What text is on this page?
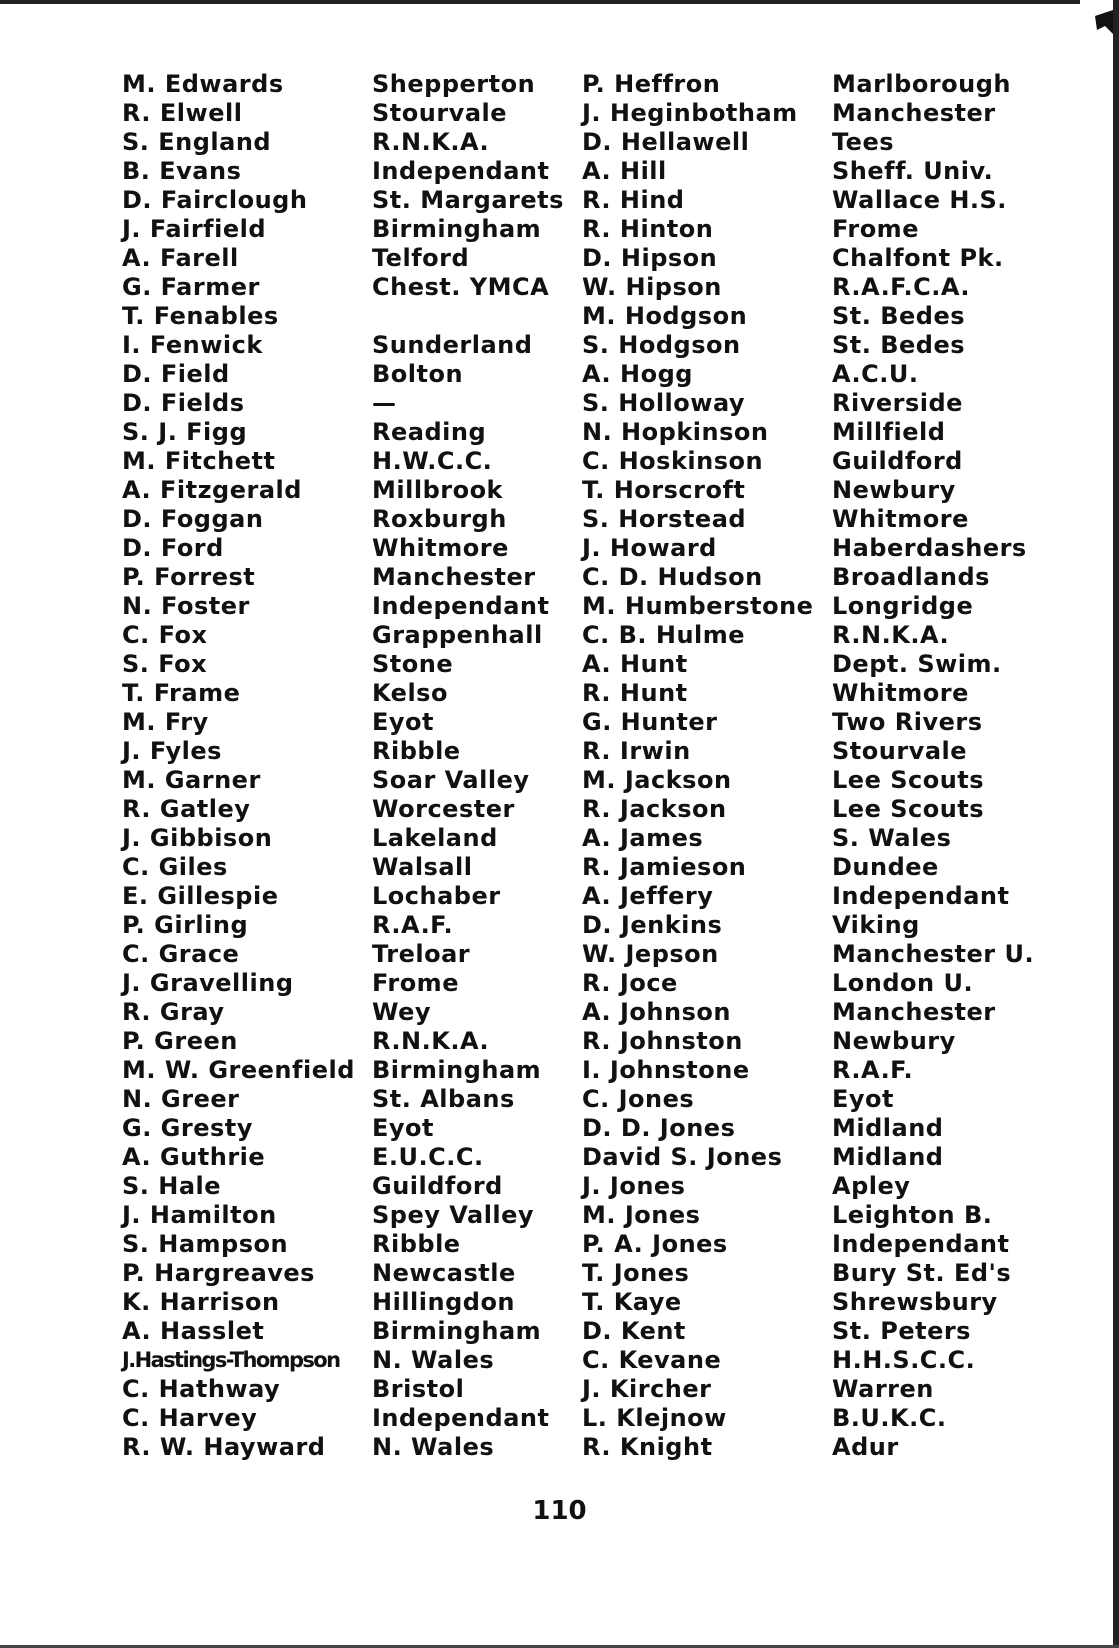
M. Edwards	Shepperton
R. Elwell	Stourvale
S. England	R.N.K.A.
B. Evans	Independant
D. Fairclough	St. Margarets
J. Fairfield	Birmingham
A. Farell	Telford
G. Farmer	Chest. YMCA
T. Fenables
I. Fenwick	Sunderland
D. Field	Bolton
D. Fields	—
S. J. Figg	Reading
M. Fitchett	H.W.C.C.
A. Fitzgerald	Millbrook
D. Foggan	Roxburgh
D. Ford	Whitmore
P. Forrest	Manchester
N. Foster	Independant
C. Fox	Grappenhall
S. Fox	Stone
T. Frame	Kelso
M. Fry	Eyot
J. Fyles	Ribble
M. Garner	Soar Valley
R. Gatley	Worcester
J. Gibbison	Lakeland
C. Giles	Walsall
E. Gillespie	Lochaber
P. Girling	R.A.F.
C. Grace	Treloar
J. Gravelling	Frome
R. Gray	Wey
P. Green	R.N.K.A.
M. W. Greenfield Birmingham
N. Greer	St. Albans
G. Gresty	Eyot
A. Guthrie	E.U.C.C.
S. Hale	Guildford
J. Hamilton	Spey Valley
S. Hampson	Ribble
P. Hargreaves Newcastle
K. Harrison	Hillingdon
A. Hasslet	Birmingham
J.Hastings-Thompson N. Wales
C. Hathway	Bristol
C. Harvey	Independant
R. W. Hayward N. Wales
P. Heffron	Marlborough
J. Heginbotham Manchester
D. Hellawell	Tees
A. Hill	Sheff. Univ.
R. Hind	Wallace H.S.
R. Hinton	Frome
D. Hipson	Chalfont Pk.
W. Hipson	R.A.F.C.A.
M. Hodgson	St. Bedes
S. Hodgson	St. Bedes
A. Hogg	A.C.U.
S. Holloway	Riverside
N. Hopkinson	Millfield
C. Hoskinson	Guildford
T. Horscroft	Newbury
S. Horstead	Whitmore
J. Howard	Haberdashers
C. D. Hudson	Broadlands
M. Humberstone Longridge
C. B. Hulme	R.N.K.A.
A. Hunt	Dept. Swim.
R. Hunt	Whitmore
G. Hunter	Two Rivers
R. Irwin	Stourvale
M. Jackson	Lee Scouts
R. Jackson	Lee Scouts
A. James	S. Wales
R. Jamieson	Dundee
A. Jeffery	Independant
D. Jenkins	Viking
W. Jepson	Manchester U.
R. Joce	London U.
A. Johnson	Manchester
R. Johnston	Newbury
I. Johnstone	R.A.F.
C. Jones	Eyot
D. D. Jones	Midland
David S. Jones Midland
J. Jones	Apley
M. Jones	Leighton B.
P. A. Jones	Independant
T. Jones	Bury St. Ed's
T. Kaye	Shrewsbury
D. Kent	St. Peters
C. Kevane	H.H.S.C.C.
J. Kircher	Warren
L. Klejnow	B.U.K.C.
R. Knight	Adur
110
